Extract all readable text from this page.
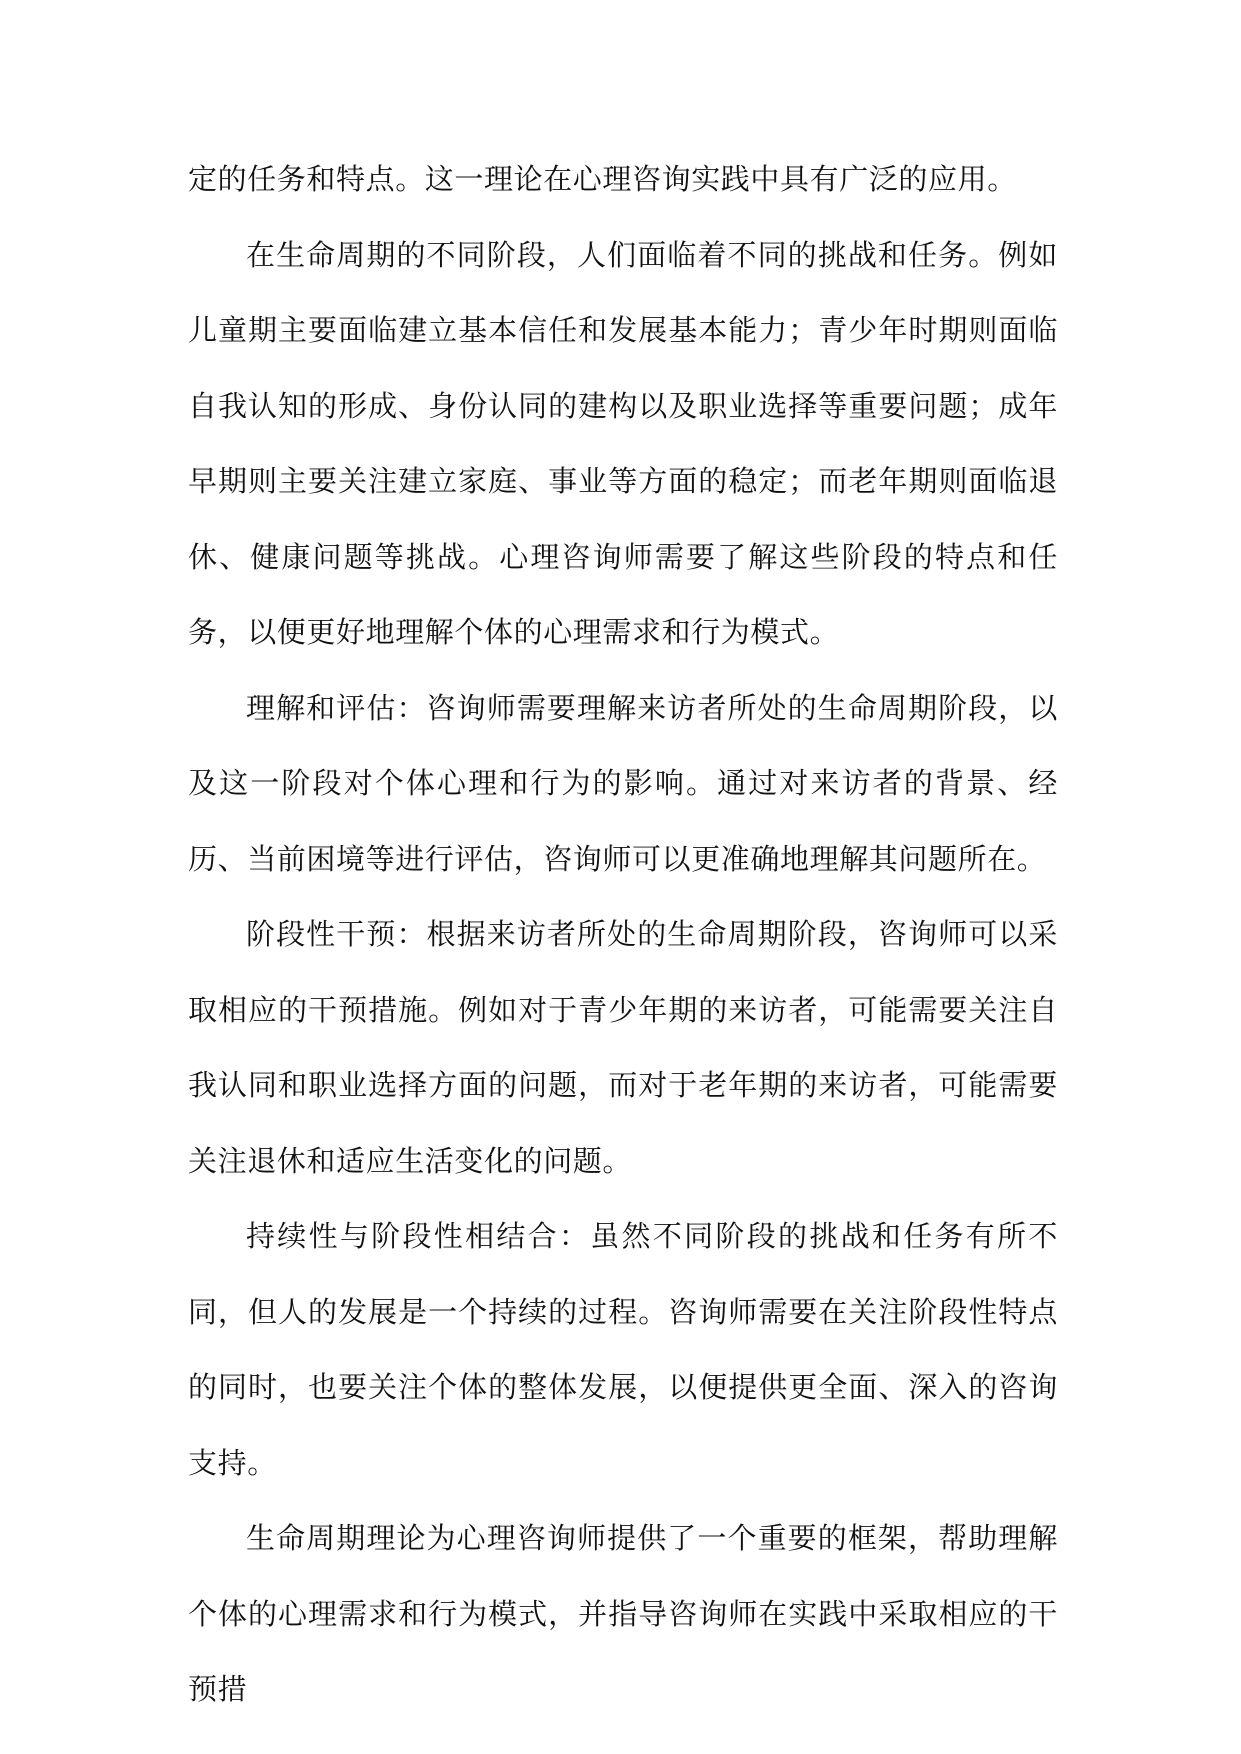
定的任务和特点。这一理论在心理咨询实践中具有广泛的应用。

在生命周期的不同阶段，人们面临着不同的挑战和任务。例如儿童期主要面临建立基本信任和发展基本能力；青少年时期则面临自我认知的形成、身份认同的建构以及职业选择等重要问题；成年早期则主要关注建立家庭、事业等方面的稳定；而老年期则面临退休、健康问题等挑战。心理咨询师需要了解这些阶段的特点和任务，以便更好地理解个体的心理需求和行为模式。

理解和评估：咨询师需要理解来访者所处的生命周期阶段，以及这一阶段对个体心理和行为的影响。通过对来访者的背景、经历、当前困境等进行评估，咨询师可以更准确地理解其问题所在。

阶段性干预：根据来访者所处的生命周期阶段，咨询师可以采取相应的干预措施。例如对于青少年期的来访者，可能需要关注自我认同和职业选择方面的问题，而对于老年期的来访者，可能需要关注退休和适应生活变化的问题。

持续性与阶段性相结合：虽然不同阶段的挑战和任务有所不同，但人的发展是一个持续的过程。咨询师需要在关注阶段性特点的同时，也要关注个体的整体发展，以便提供更全面、深入的咨询支持。

生命周期理论为心理咨询师提供了一个重要的框架，帮助理解个体的心理需求和行为模式，并指导咨询师在实践中采取相应的干预措
